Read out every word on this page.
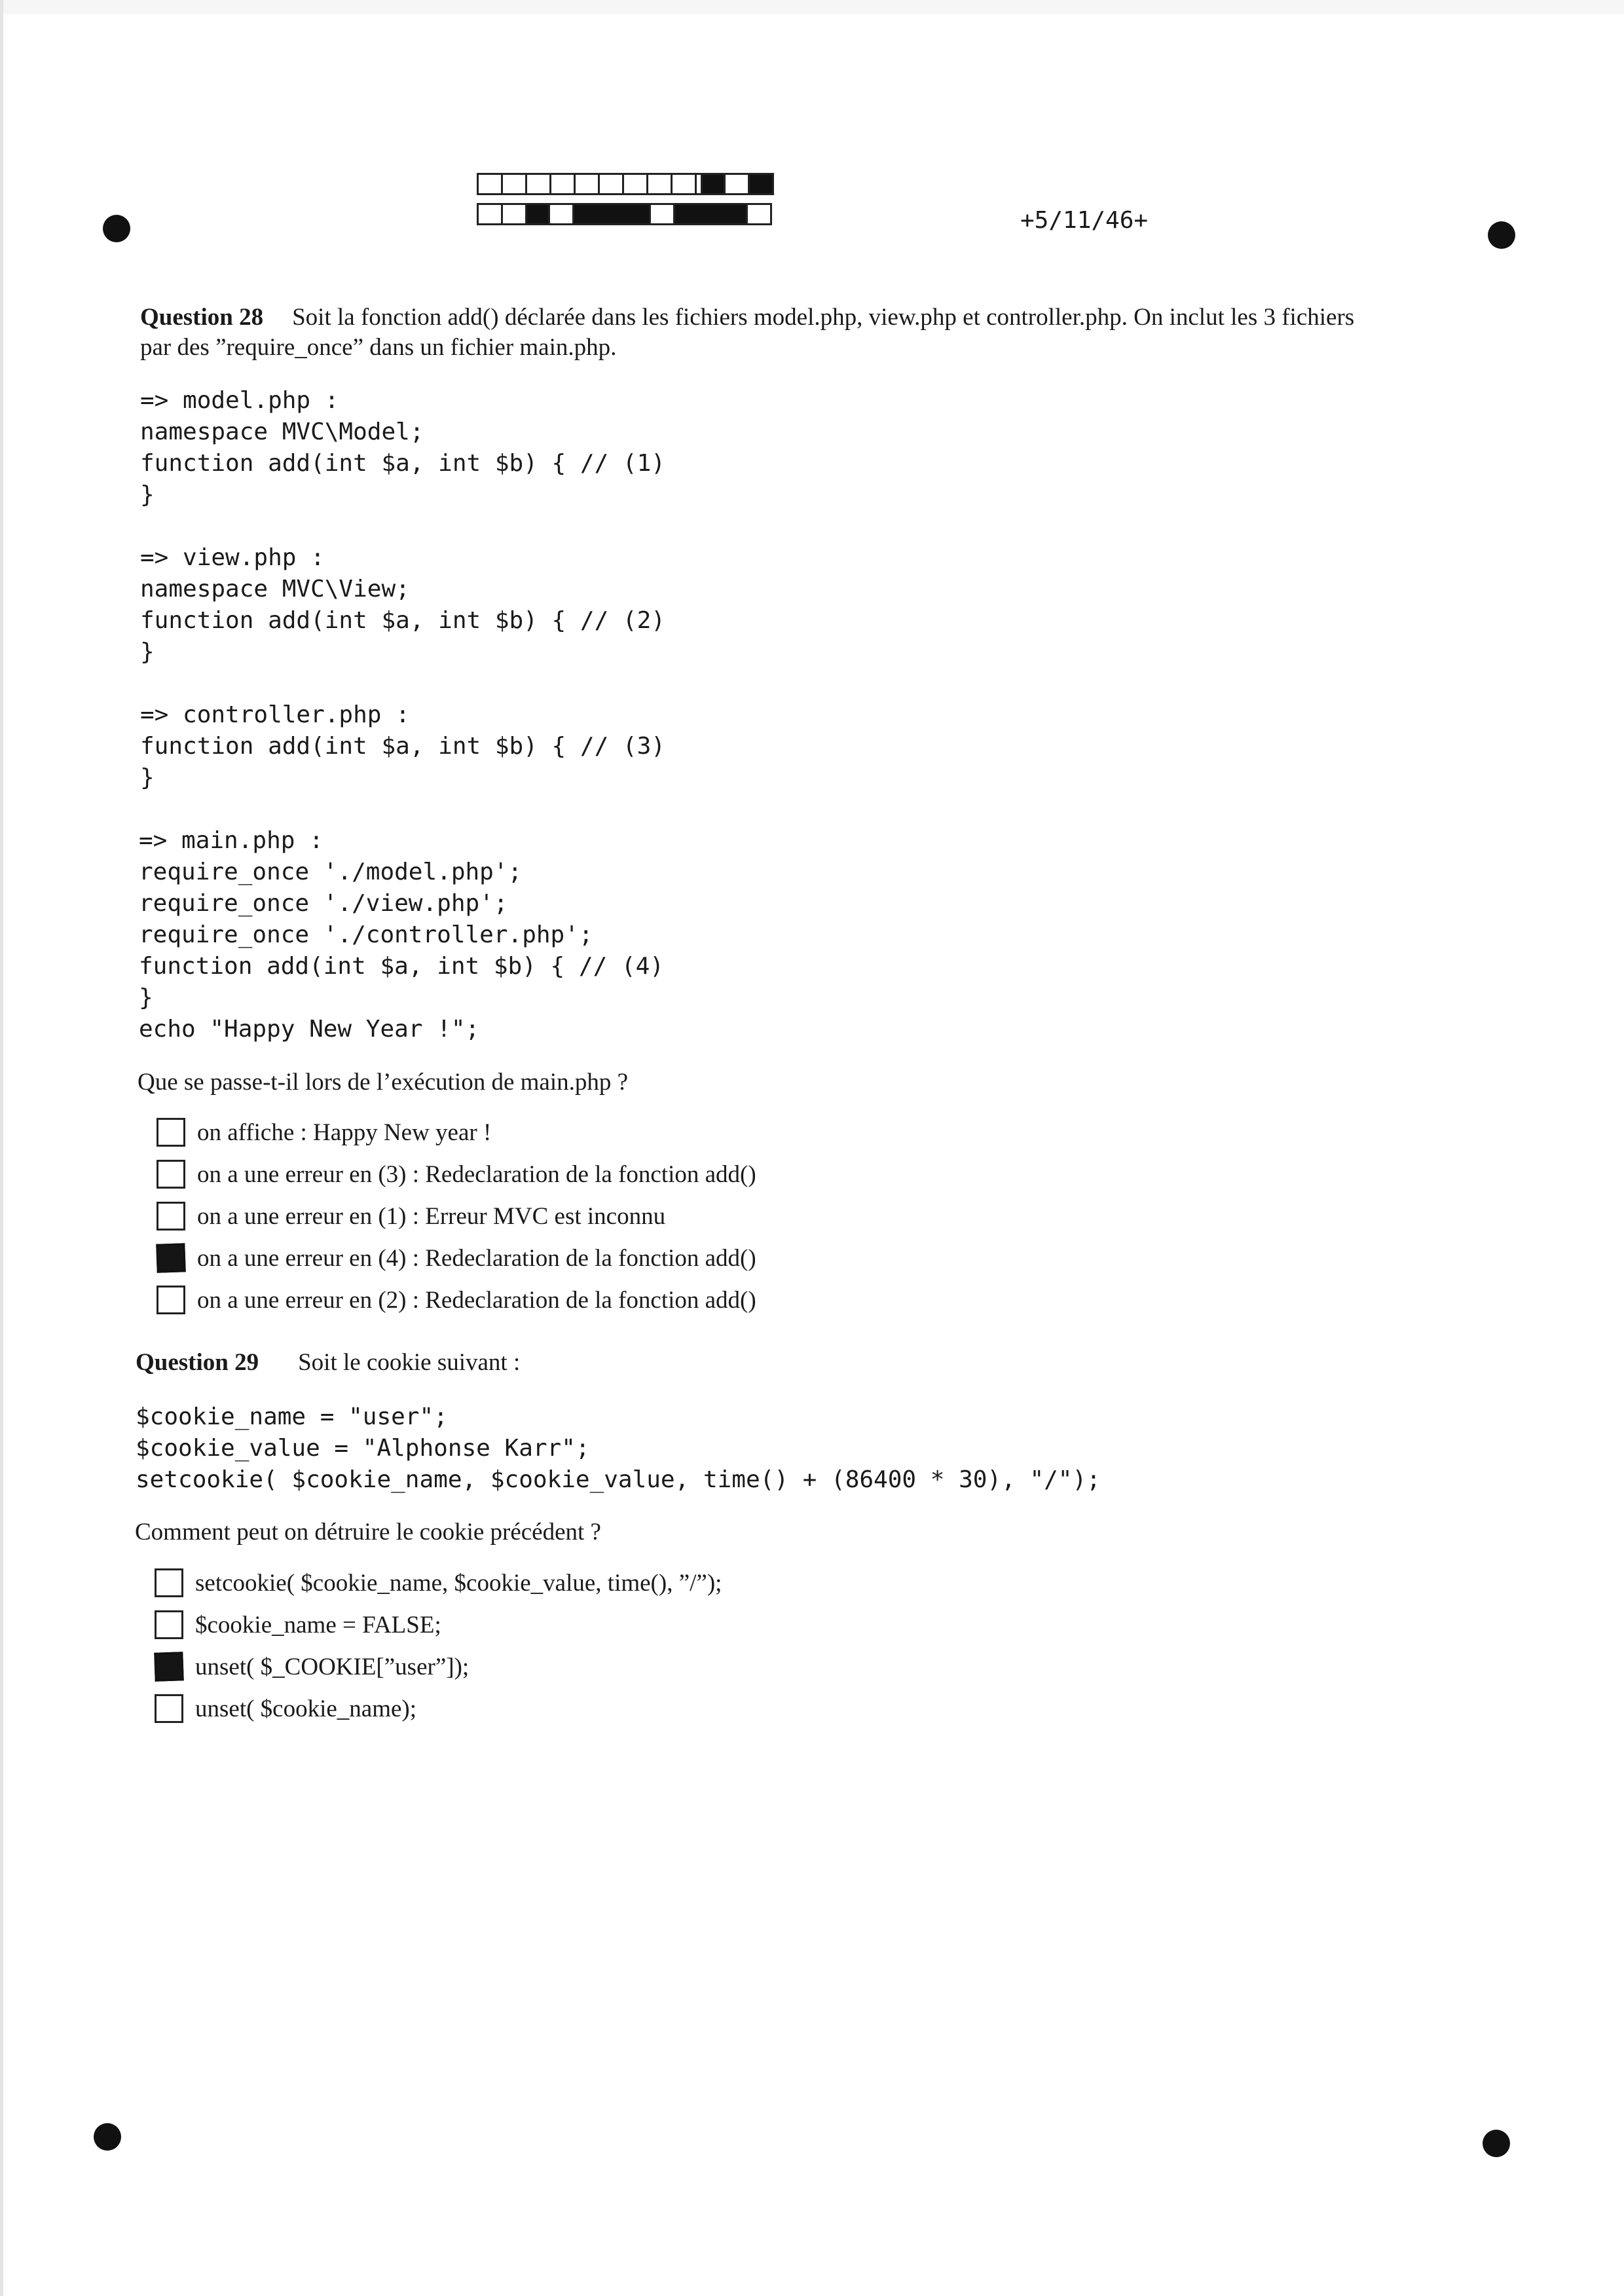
+5/11/46+
Question 28 Soit la fonction add() déclarée dans les fichiers model.php, view.php et controller.php. On inclut les 3 fichiers
par des ”require_once” dans un fichier main.php.
=> model.php :
namespace MVC\Model;
function add(int $a, int $b) { // (1)
}
=> view.php :
namespace MVC\View;
function add(int $a, int $b) { // (2)
}
=> controller.php :
function add(int $a, int $b) { // (3)
}
=> main.php :
require_once './model.php';
require_once './view.php';
require_once './controller.php';
function add(int $a, int $b) { // (4)
}
echo "Happy New Year !";
Que se passe-t-il lors de l’exécution de main.php ?
on affiche : Happy New year !
on a une erreur en (3) : Redeclaration de la fonction add()
on a une erreur en (1) : Erreur MVC est inconnu
on a une erreur en (4) : Redeclaration de la fonction add()
on a une erreur en (2) : Redeclaration de la fonction add()
Question 29 Soit le cookie suivant :
$cookie_name = "user";
$cookie_value = "Alphonse Karr";
setcookie( $cookie_name, $cookie_value, time() + (86400 * 30), "/");
Comment peut on détruire le cookie précédent ?
setcookie( $cookie_name, $cookie_value, time(), ”/”);
$cookie_name = FALSE;
unset( $_COOKIE[”user”]);
unset( $cookie_name);
